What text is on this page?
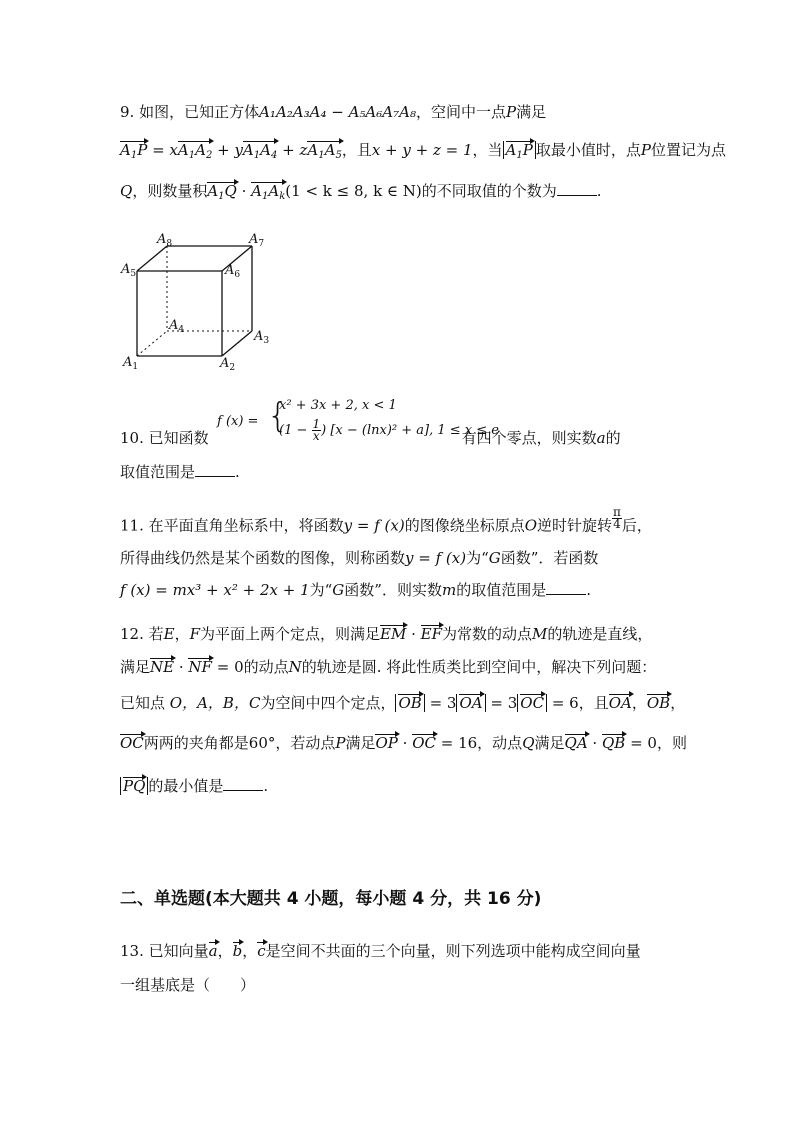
9. 如图，已知正方体A₁A₂A₃A₄ − A₅A₆A₇A₈，空间中一点P满足
$A_1P = xA_1A_2 + yA_1A_4 + zA_1A_5$，且x + y + z = 1，当 $A_1P$ 取最小值时，点P位置记为点
Q，则数量积$A_1Q \cdot A_1A_k(1 < k \le 8$, k ∈ N)的不同取值的个数为	.
$A_8$	$A_7$
$A_5$	$A_6$
$A_4$	$A_3$
$A_1$	$A_2$
f (x) = {
x² + 3x + 2, x < 1
($1 - \frac{1}{x}$ ) [x − (lnx)² + a], 1 ≤ x ≤ e
10. 已知函数	有四个零点，则实数a的
取值范围是	.
11. 在平面直角坐标系中，将函数y = f (x)的图像绕坐标原点O逆时针旋转 $\frac{\pi}{4}$ 后，
所得曲线仍然是某个函数的图像，则称函数y = f (x)为“G函数”．若函数
f (x) = mx³ + x² + 2x + 1为“G函数”．则实数m的取值范围是	.
12. 若E，F为平面上两个定点，则满足EM · EF为常数的动点M的轨迹是直线，
满足NE · NF = 0的动点N的轨迹是圆. 将此性质类比到空间中，解决下列问题：
已知点 O，A，B，C为空间中四个定点， OB = 3 OA = 3 OC = 6，且OA，OB，
OC两两的夹角都是60°，若动点P满足OP · OC = 16，动点Q满足QA · QB = 0，则
PQ 的最小值是	.
二、单选题(本大题共 4 小题，每小题 4 分，共 16 分)
13. 已知向量a，b，c是空间不共面的三个向量，则下列选项中能构成空间向量
一组基底是（　　）
